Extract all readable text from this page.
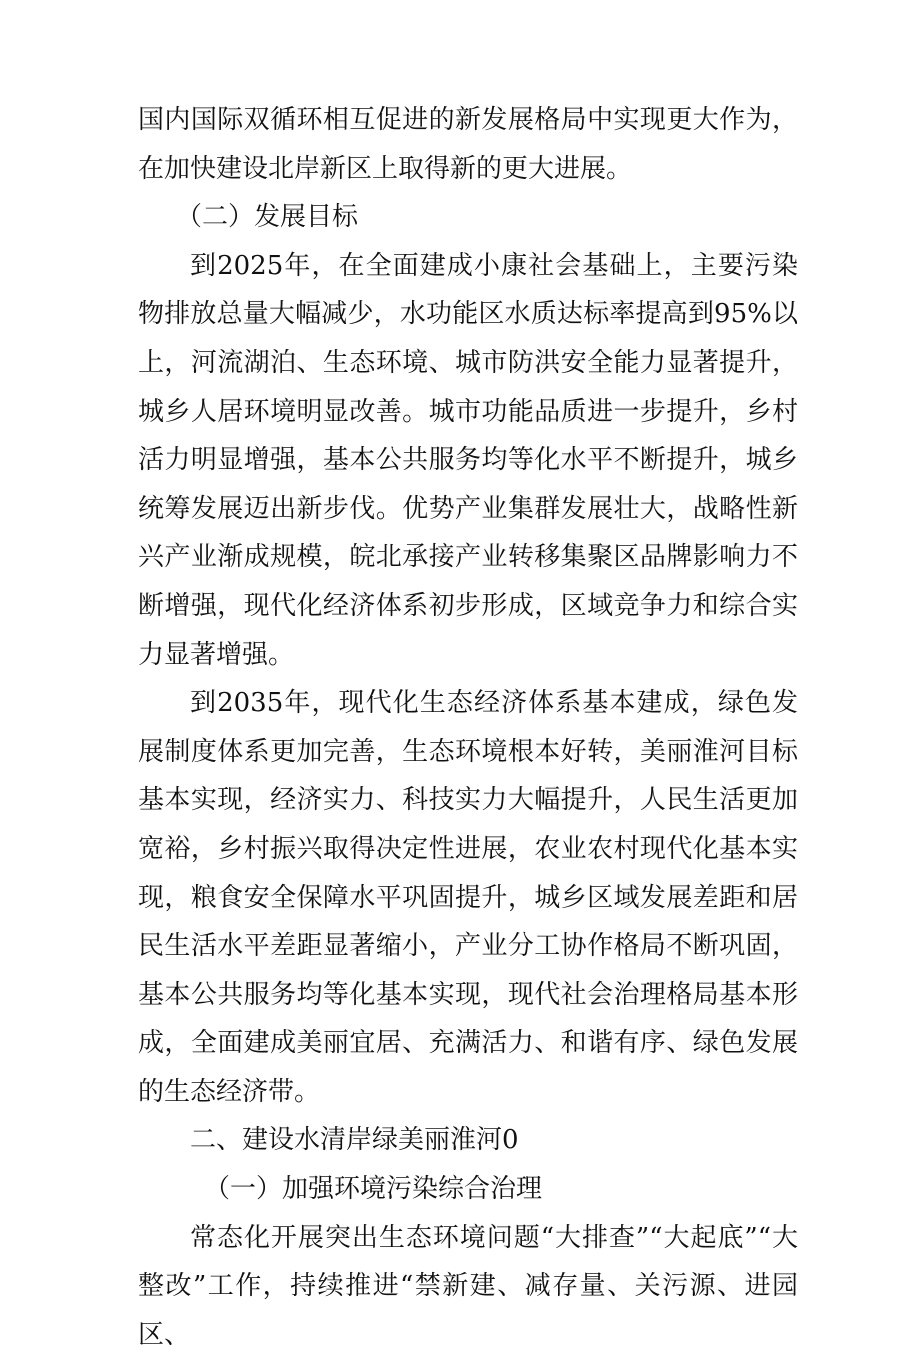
国内国际双循环相互促进的新发展格局中实现更大作为，在加快建设北岸新区上取得新的更大进展。

（二）发展目标

到2025年，在全面建成小康社会基础上，主要污染物排放总量大幅减少，水功能区水质达标率提高到95%以上，河流湖泊、生态环境、城市防洪安全能力显著提升，城乡人居环境明显改善。城市功能品质进一步提升，乡村活力明显增强，基本公共服务均等化水平不断提升，城乡统筹发展迈出新步伐。优势产业集群发展壮大，战略性新兴产业渐成规模，皖北承接产业转移集聚区品牌影响力不断增强，现代化经济体系初步形成，区域竞争力和综合实力显著增强。

到2035年，现代化生态经济体系基本建成，绿色发展制度体系更加完善，生态环境根本好转，美丽淮河目标基本实现，经济实力、科技实力大幅提升，人民生活更加宽裕，乡村振兴取得决定性进展，农业农村现代化基本实现，粮食安全保障水平巩固提升，城乡区域发展差距和居民生活水平差距显著缩小，产业分工协作格局不断巩固，基本公共服务均等化基本实现，现代社会治理格局基本形成，全面建成美丽宜居、充满活力、和谐有序、绿色发展的生态经济带。

二、建设水清岸绿美丽淮河0

（一）加强环境污染综合治理

常态化开展突出生态环境问题“大排查”“大起底”“大整改”工作，持续推进“禁新建、减存量、关污源、进园区、
